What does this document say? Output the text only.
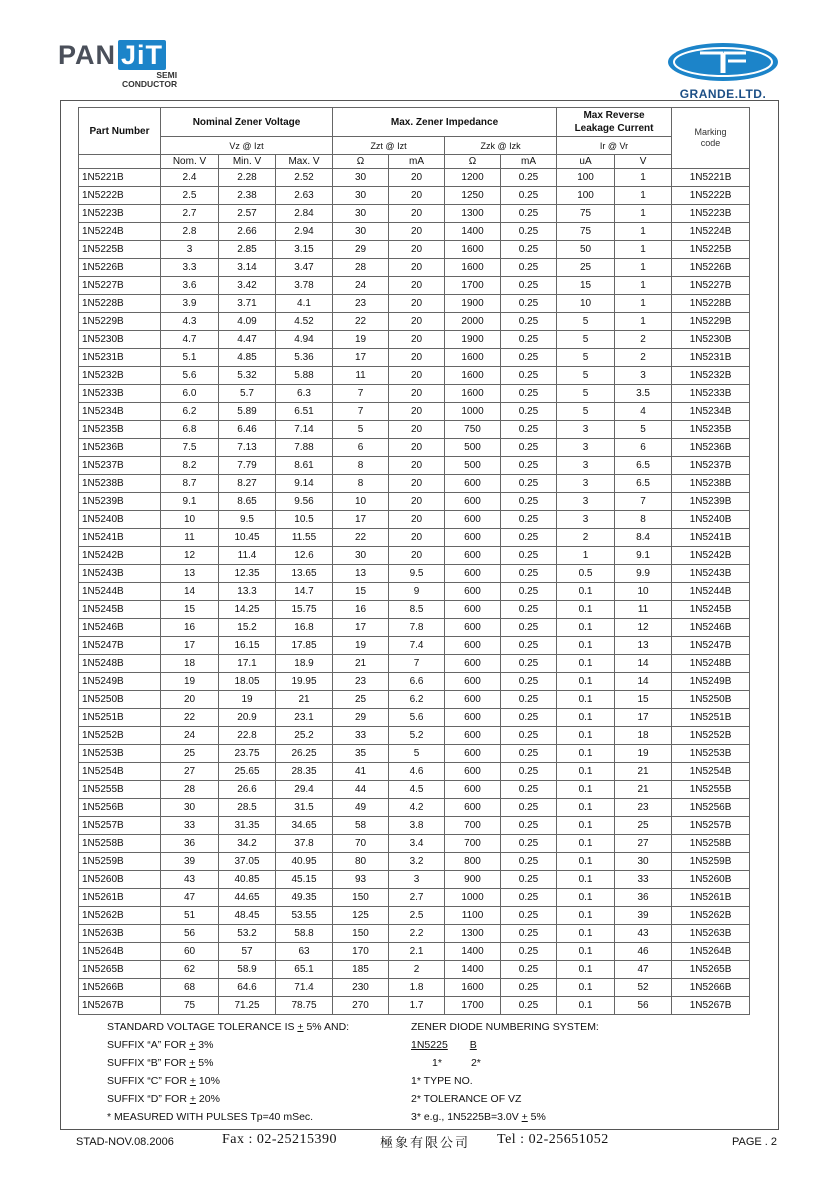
PAN JiT
SEMI
CONDUCTOR
GRANDE.LTD.
Part Number	Nominal Zener Voltage			Max. Zener Impedance				Max Reverse
Leakage Current		Marking
code
	Vz @ Izt			Zzt @ Izt		Zzk @ Izk		Ir @ Vr		
	Nom. V	Min. V	Max. V	Ω	mA	Ω	mA	uA	V	
1N5221B	2.4	2.28	2.52	30	20	1200	0.25	100	1	1N5221B
1N5222B	2.5	2.38	2.63	30	20	1250	0.25	100	1	1N5222B
1N5223B	2.7	2.57	2.84	30	20	1300	0.25	75	1	1N5223B
1N5224B	2.8	2.66	2.94	30	20	1400	0.25	75	1	1N5224B
1N5225B	3	2.85	3.15	29	20	1600	0.25	50	1	1N5225B
1N5226B	3.3	3.14	3.47	28	20	1600	0.25	25	1	1N5226B
1N5227B	3.6	3.42	3.78	24	20	1700	0.25	15	1	1N5227B
1N5228B	3.9	3.71	4.1	23	20	1900	0.25	10	1	1N5228B
1N5229B	4.3	4.09	4.52	22	20	2000	0.25	5	1	1N5229B
1N5230B	4.7	4.47	4.94	19	20	1900	0.25	5	2	1N5230B
1N5231B	5.1	4.85	5.36	17	20	1600	0.25	5	2	1N5231B
1N5232B	5.6	5.32	5.88	11	20	1600	0.25	5	3	1N5232B
1N5233B	6.0	5.7	6.3	7	20	1600	0.25	5	3.5	1N5233B
1N5234B	6.2	5.89	6.51	7	20	1000	0.25	5	4	1N5234B
1N5235B	6.8	6.46	7.14	5	20	750	0.25	3	5	1N5235B
1N5236B	7.5	7.13	7.88	6	20	500	0.25	3	6	1N5236B
1N5237B	8.2	7.79	8.61	8	20	500	0.25	3	6.5	1N5237B
1N5238B	8.7	8.27	9.14	8	20	600	0.25	3	6.5	1N5238B
1N5239B	9.1	8.65	9.56	10	20	600	0.25	3	7	1N5239B
1N5240B	10	9.5	10.5	17	20	600	0.25	3	8	1N5240B
1N5241B	11	10.45	11.55	22	20	600	0.25	2	8.4	1N5241B
1N5242B	12	11.4	12.6	30	20	600	0.25	1	9.1	1N5242B
1N5243B	13	12.35	13.65	13	9.5	600	0.25	0.5	9.9	1N5243B
1N5244B	14	13.3	14.7	15	9	600	0.25	0.1	10	1N5244B
1N5245B	15	14.25	15.75	16	8.5	600	0.25	0.1	11	1N5245B
1N5246B	16	15.2	16.8	17	7.8	600	0.25	0.1	12	1N5246B
1N5247B	17	16.15	17.85	19	7.4	600	0.25	0.1	13	1N5247B
1N5248B	18	17.1	18.9	21	7	600	0.25	0.1	14	1N5248B
1N5249B	19	18.05	19.95	23	6.6	600	0.25	0.1	14	1N5249B
1N5250B	20	19	21	25	6.2	600	0.25	0.1	15	1N5250B
1N5251B	22	20.9	23.1	29	5.6	600	0.25	0.1	17	1N5251B
1N5252B	24	22.8	25.2	33	5.2	600	0.25	0.1	18	1N5252B
1N5253B	25	23.75	26.25	35	5	600	0.25	0.1	19	1N5253B
1N5254B	27	25.65	28.35	41	4.6	600	0.25	0.1	21	1N5254B
1N5255B	28	26.6	29.4	44	4.5	600	0.25	0.1	21	1N5255B
1N5256B	30	28.5	31.5	49	4.2	600	0.25	0.1	23	1N5256B
1N5257B	33	31.35	34.65	58	3.8	700	0.25	0.1	25	1N5257B
1N5258B	36	34.2	37.8	70	3.4	700	0.25	0.1	27	1N5258B
1N5259B	39	37.05	40.95	80	3.2	800	0.25	0.1	30	1N5259B
1N5260B	43	40.85	45.15	93	3	900	0.25	0.1	33	1N5260B
1N5261B	47	44.65	49.35	150	2.7	1000	0.25	0.1	36	1N5261B
1N5262B	51	48.45	53.55	125	2.5	1100	0.25	0.1	39	1N5262B
1N5263B	56	53.2	58.8	150	2.2	1300	0.25	0.1	43	1N5263B
1N5264B	60	57	63	170	2.1	1400	0.25	0.1	46	1N5264B
1N5265B	62	58.9	65.1	185	2	1400	0.25	0.1	47	1N5265B
1N5266B	68	64.6	71.4	230	1.8	1600	0.25	0.1	52	1N5266B
1N5267B	75	71.25	78.75	270	1.7	1700	0.25	0.1	56	1N5267B
STANDARD VOLTAGE TOLERANCE IS + 5% AND:
SUFFIX “A” FOR + 3%
SUFFIX “B” FOR + 5%
SUFFIX “C” FOR + 10%
SUFFIX “D” FOR + 20%
* MEASURED WITH PULSES Tp=40 mSec.
ZENER DIODE NUMBERING SYSTEM:
1N5225 B
1*	2*
1* TYPE NO.
2* TOLERANCE OF VZ
3* e.g., 1N5225B=3.0V + 5%
STAD-NOV.08.2006	Fax : 02-25215390	極象有限公司 Tel : 02-25651052	PAGE . 2
